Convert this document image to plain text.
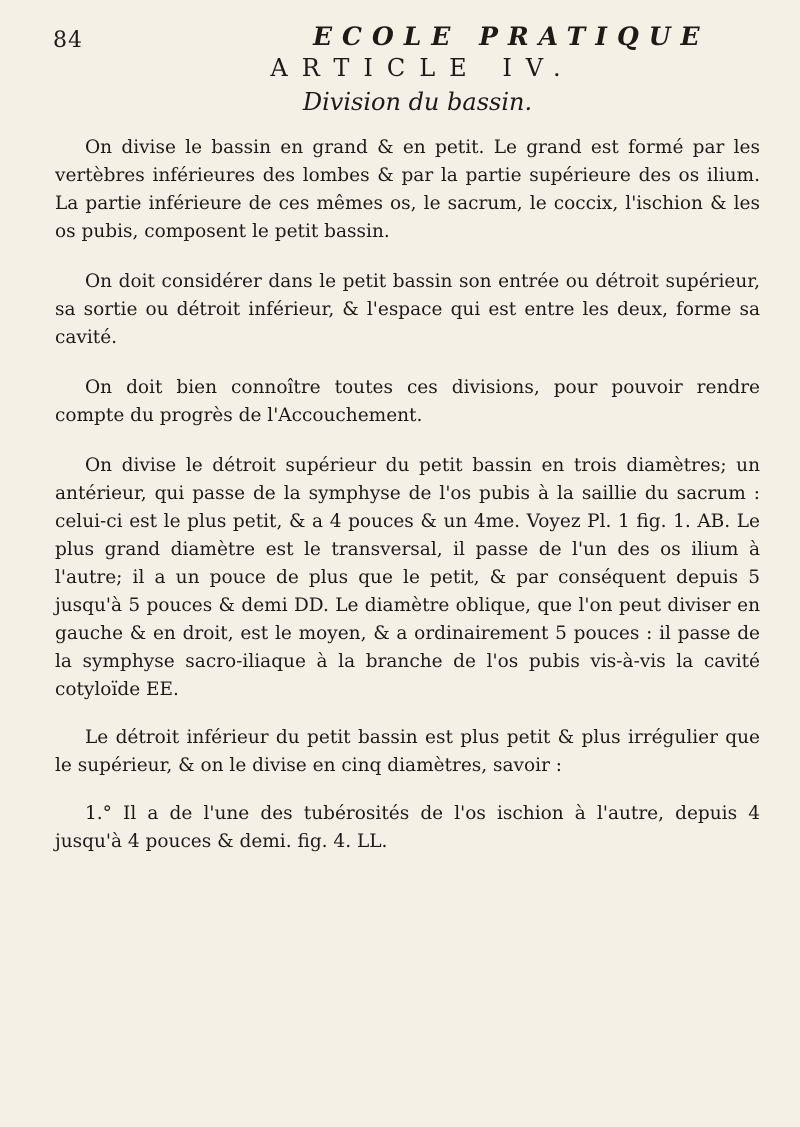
84	ECOLE PRATIQUE
ARTICLE IV.
Division du bassin.

On divise le bassin en grand & en petit. Le grand est formé par les vertèbres inférieures des lombes & par la partie supérieure des os ilium. La partie inférieure de ces mêmes os, le sacrum, le coccix, l'ischion & les os pubis, composent le petit bassin.

On doit considérer dans le petit bassin son entrée ou détroit supérieur, sa sortie ou détroit inférieur, & l'espace qui est entre les deux, forme sa cavité.

On doit bien connoître toutes ces divisions, pour pouvoir rendre compte du progrès de l'Accouchement.

On divise le détroit supérieur du petit bassin en trois diamètres; un antérieur, qui passe de la symphyse de l'os pubis à la saillie du sacrum : celui-ci est le plus petit, & a 4 pouces & un 4me. Voyez Pl. 1 fig. 1. AB. Le plus grand diamètre est le transversal, il passe de l'un des os ilium à l'autre; il a un pouce de plus que le petit, & par conséquent depuis 5 jusqu'à 5 pouces & demi DD. Le diamètre oblique, que l'on peut diviser en gauche & en droit, est le moyen, & a ordinairement 5 pouces : il passe de la symphyse sacro-iliaque à la branche de l'os pubis vis-à-vis la cavité cotyloïde EE.

Le détroit inférieur du petit bassin est plus petit & plus irrégulier que le supérieur, & on le divise en cinq diamètres, savoir :

1.° Il a de l'une des tubérosités de l'os ischion à l'autre, depuis 4 jusqu'à 4 pouces & demi. fig. 4. LL.
